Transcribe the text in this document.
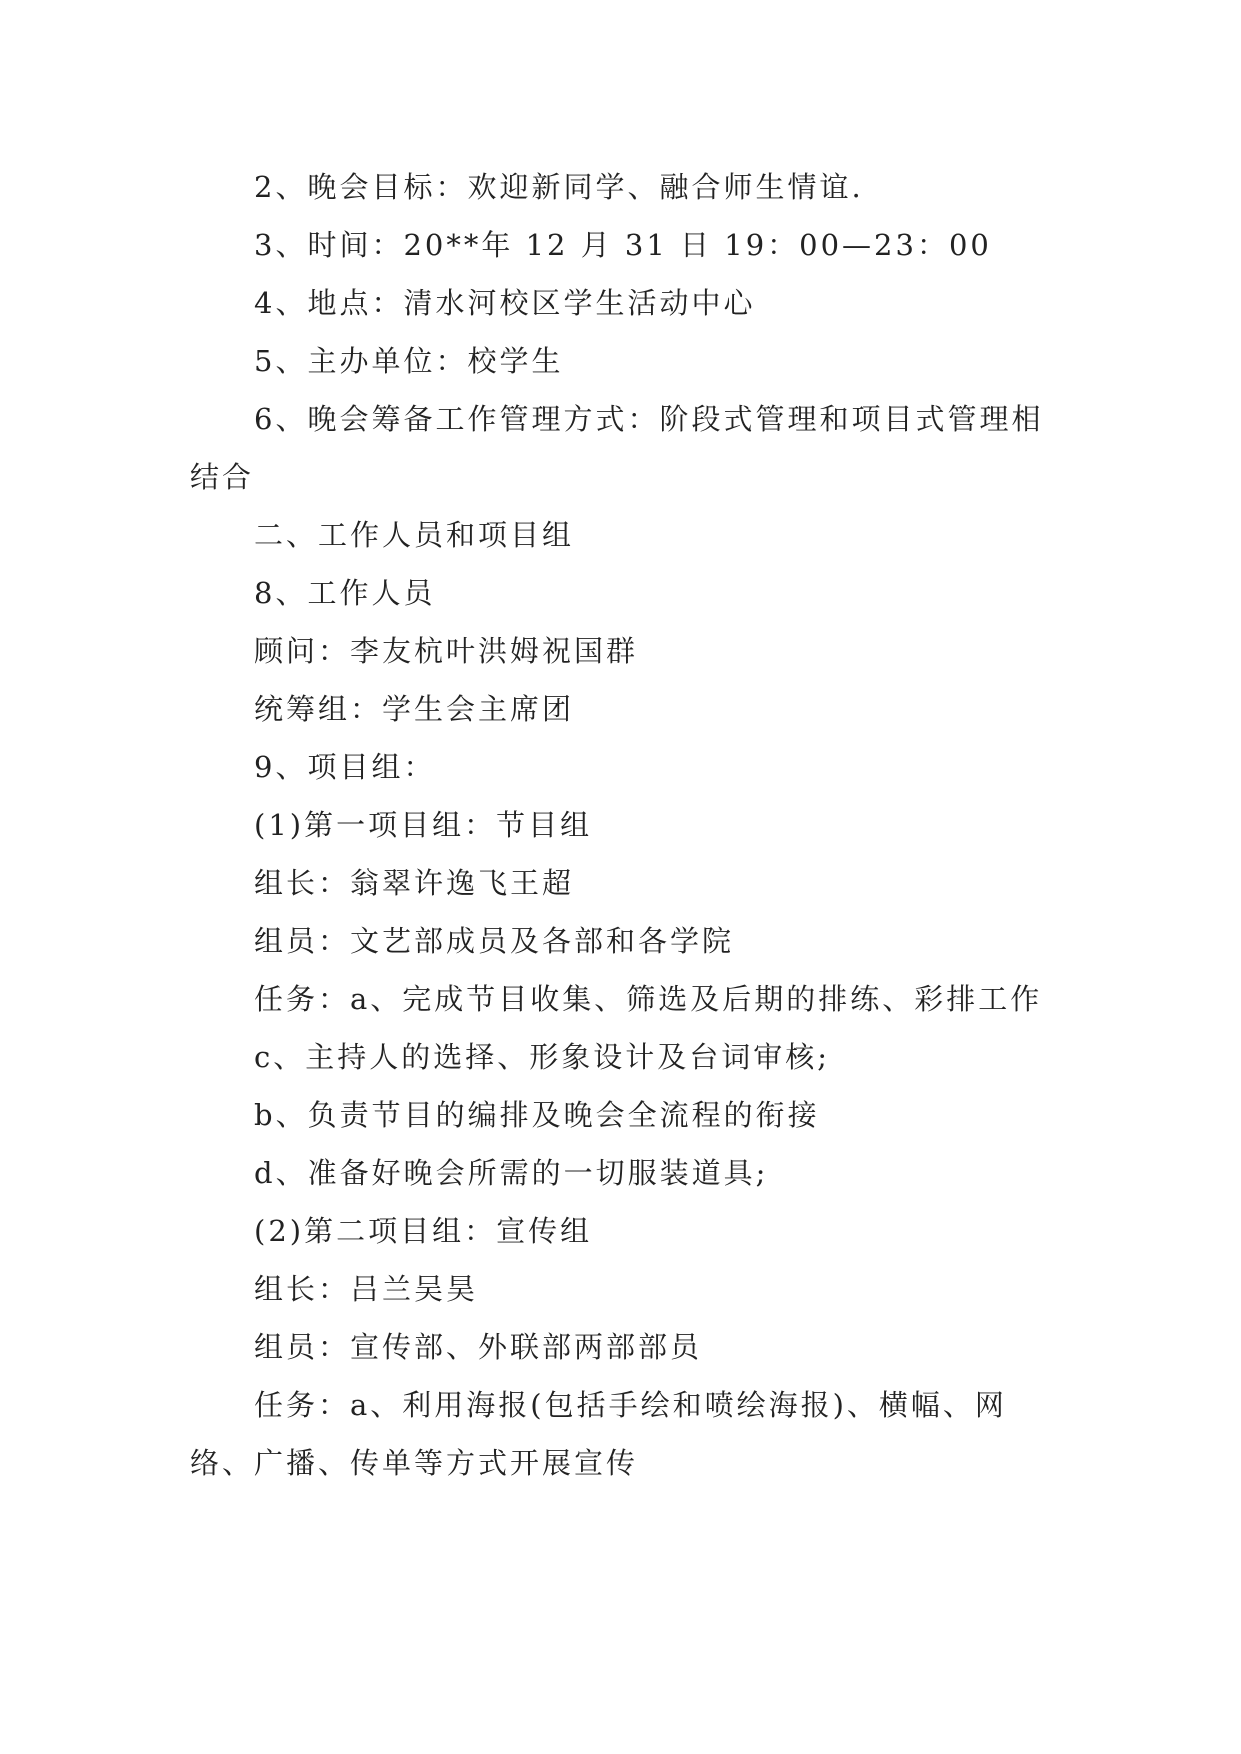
2、晚会目标：欢迎新同学、融合师生情谊.

3、时间：20**年 12 月 31 日 19：00—23：00

4、地点：清水河校区学生活动中心

5、主办单位：校学生

6、晚会筹备工作管理方式：阶段式管理和项目式管理相结合

二、工作人员和项目组

8、工作人员

顾问：李友杭叶洪姆祝国群

统筹组：学生会主席团

9、项目组：

(1)第一项目组：节目组

组长：翁翠许逸飞王超

组员：文艺部成员及各部和各学院

任务：a、完成节目收集、筛选及后期的排练、彩排工作

c、主持人的选择、形象设计及台词审核;

b、负责节目的编排及晚会全流程的衔接

d、准备好晚会所需的一切服装道具;

(2)第二项目组：宣传组

组长：吕兰吴昊

组员：宣传部、外联部两部部员

任务：a、利用海报(包括手绘和喷绘海报)、横幅、网络、广播、传单等方式开展宣传
